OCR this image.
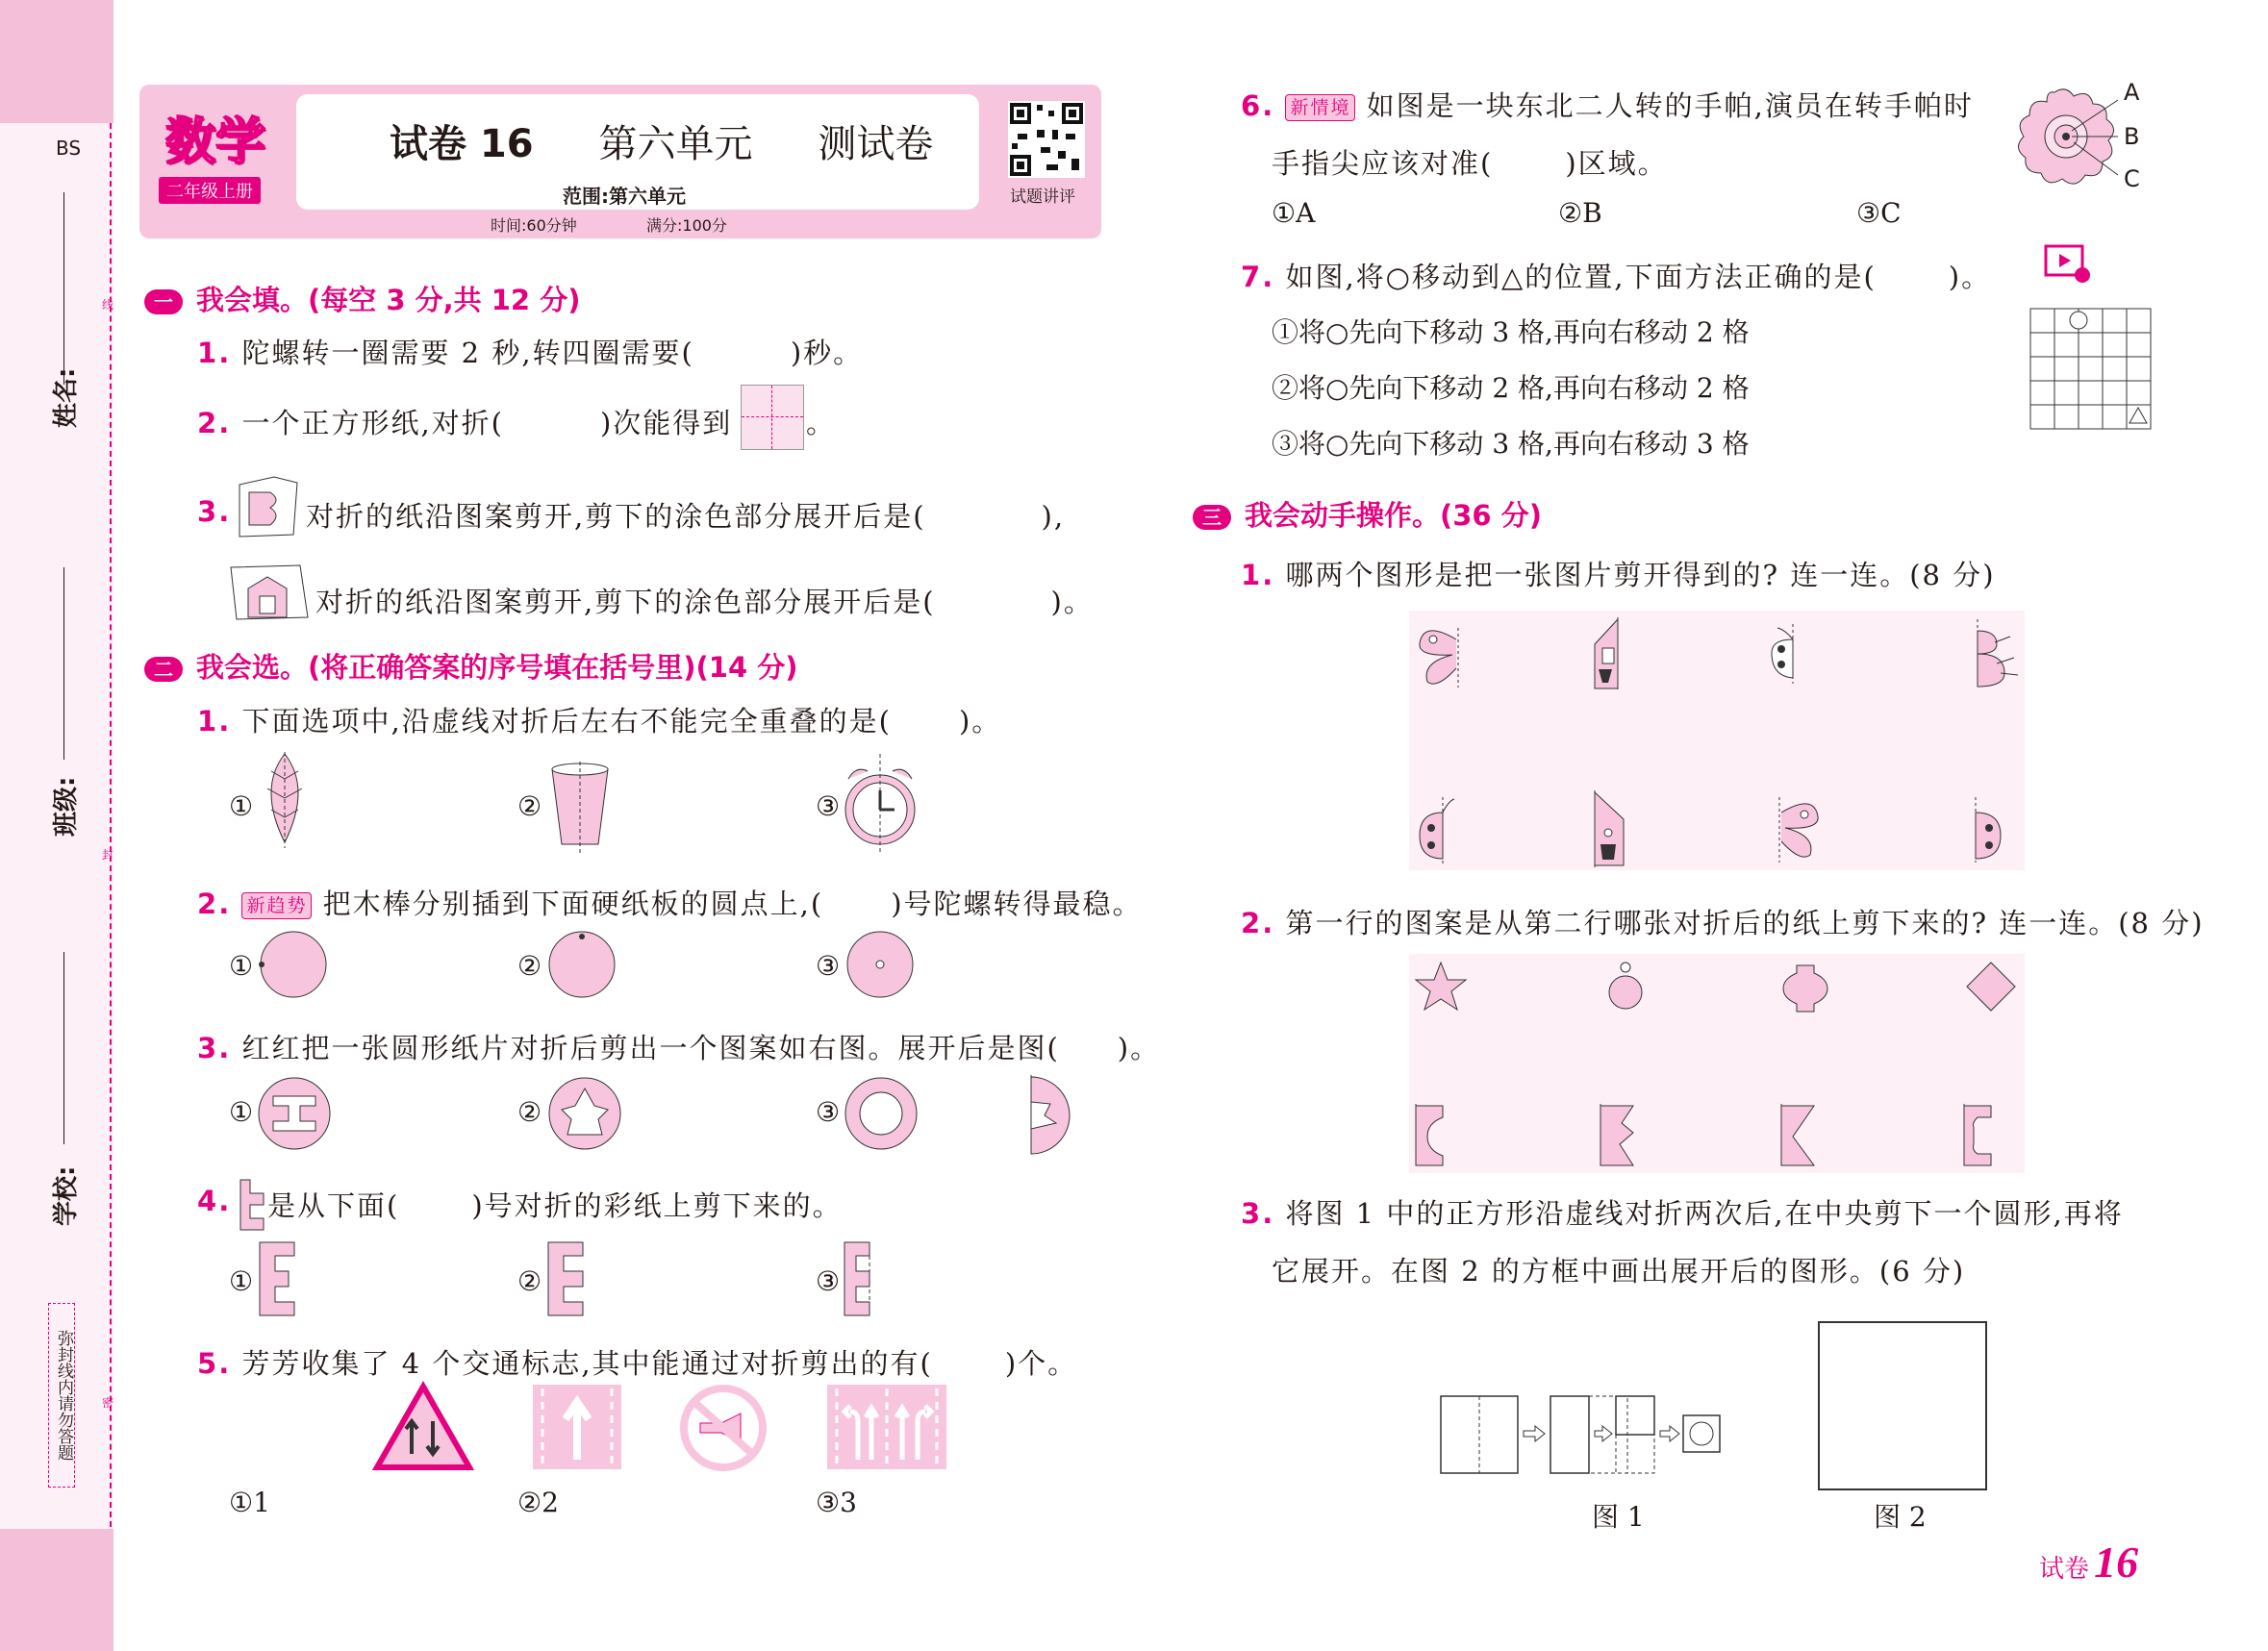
BS
姓名:
班级:
学校:
线
封
密
弥封线内请勿答题
数学
二年级上册
试卷 16 第六单元 测试卷
范围:第六单元
时间:60分钟	满分:100分
试题讲评
一 我会填。(每空 3 分,共 12 分)
1. 陀螺转一圈需要 2 秒,转四圈需要(	)秒。
2. 一个正方形纸,对折(	)次能得到	。
3.	对折的纸沿图案剪开,剪下的涂色部分展开后是(	),
对折的纸沿图案剪开,剪下的涂色部分展开后是(	)。
二 我会选。(将正确答案的序号填在括号里)(14 分)
1. 下面选项中,沿虚线对折后左右不能完全重叠的是( )。
①	②	③
2. 新趋势 把木棒分别插到下面硬纸板的圆点上,( )号陀螺转得最稳。
①	②	③
3. 红红把一张圆形纸片对折后剪出一个图案如右图。展开后是图( )。
①	②	③
4. 是从下面(	)号对折的彩纸上剪下来的。
①	②	③
5. 芳芳收集了 4 个交通标志,其中能通过对折剪出的有(	)个。
①1	②2	③3
6. 新情境 如图是一块东北二人转的手帕,演员在转手帕时
手指尖应该对准(	)区域。
①A	②B	③C
A
B
C
7. 如图,将○移动到△的位置,下面方法正确的是(	)。
①将○先向下移动 3 格,再向右移动 2 格
②将○先向下移动 2 格,再向右移动 2 格
③将○先向下移动 3 格,再向右移动 3 格
三 我会动手操作。(36 分)
1. 哪两个图形是把一张图片剪开得到的? 连一连。(8 分)
2. 第一行的图案是从第二行哪张对折后的纸上剪下来的? 连一连。(8 分)
3. 将图 1 中的正方形沿虚线对折两次后,在中央剪下一个圆形,再将
它展开。在图 2 的方框中画出展开后的图形。(6 分)
图 1	图 2
试卷 16
